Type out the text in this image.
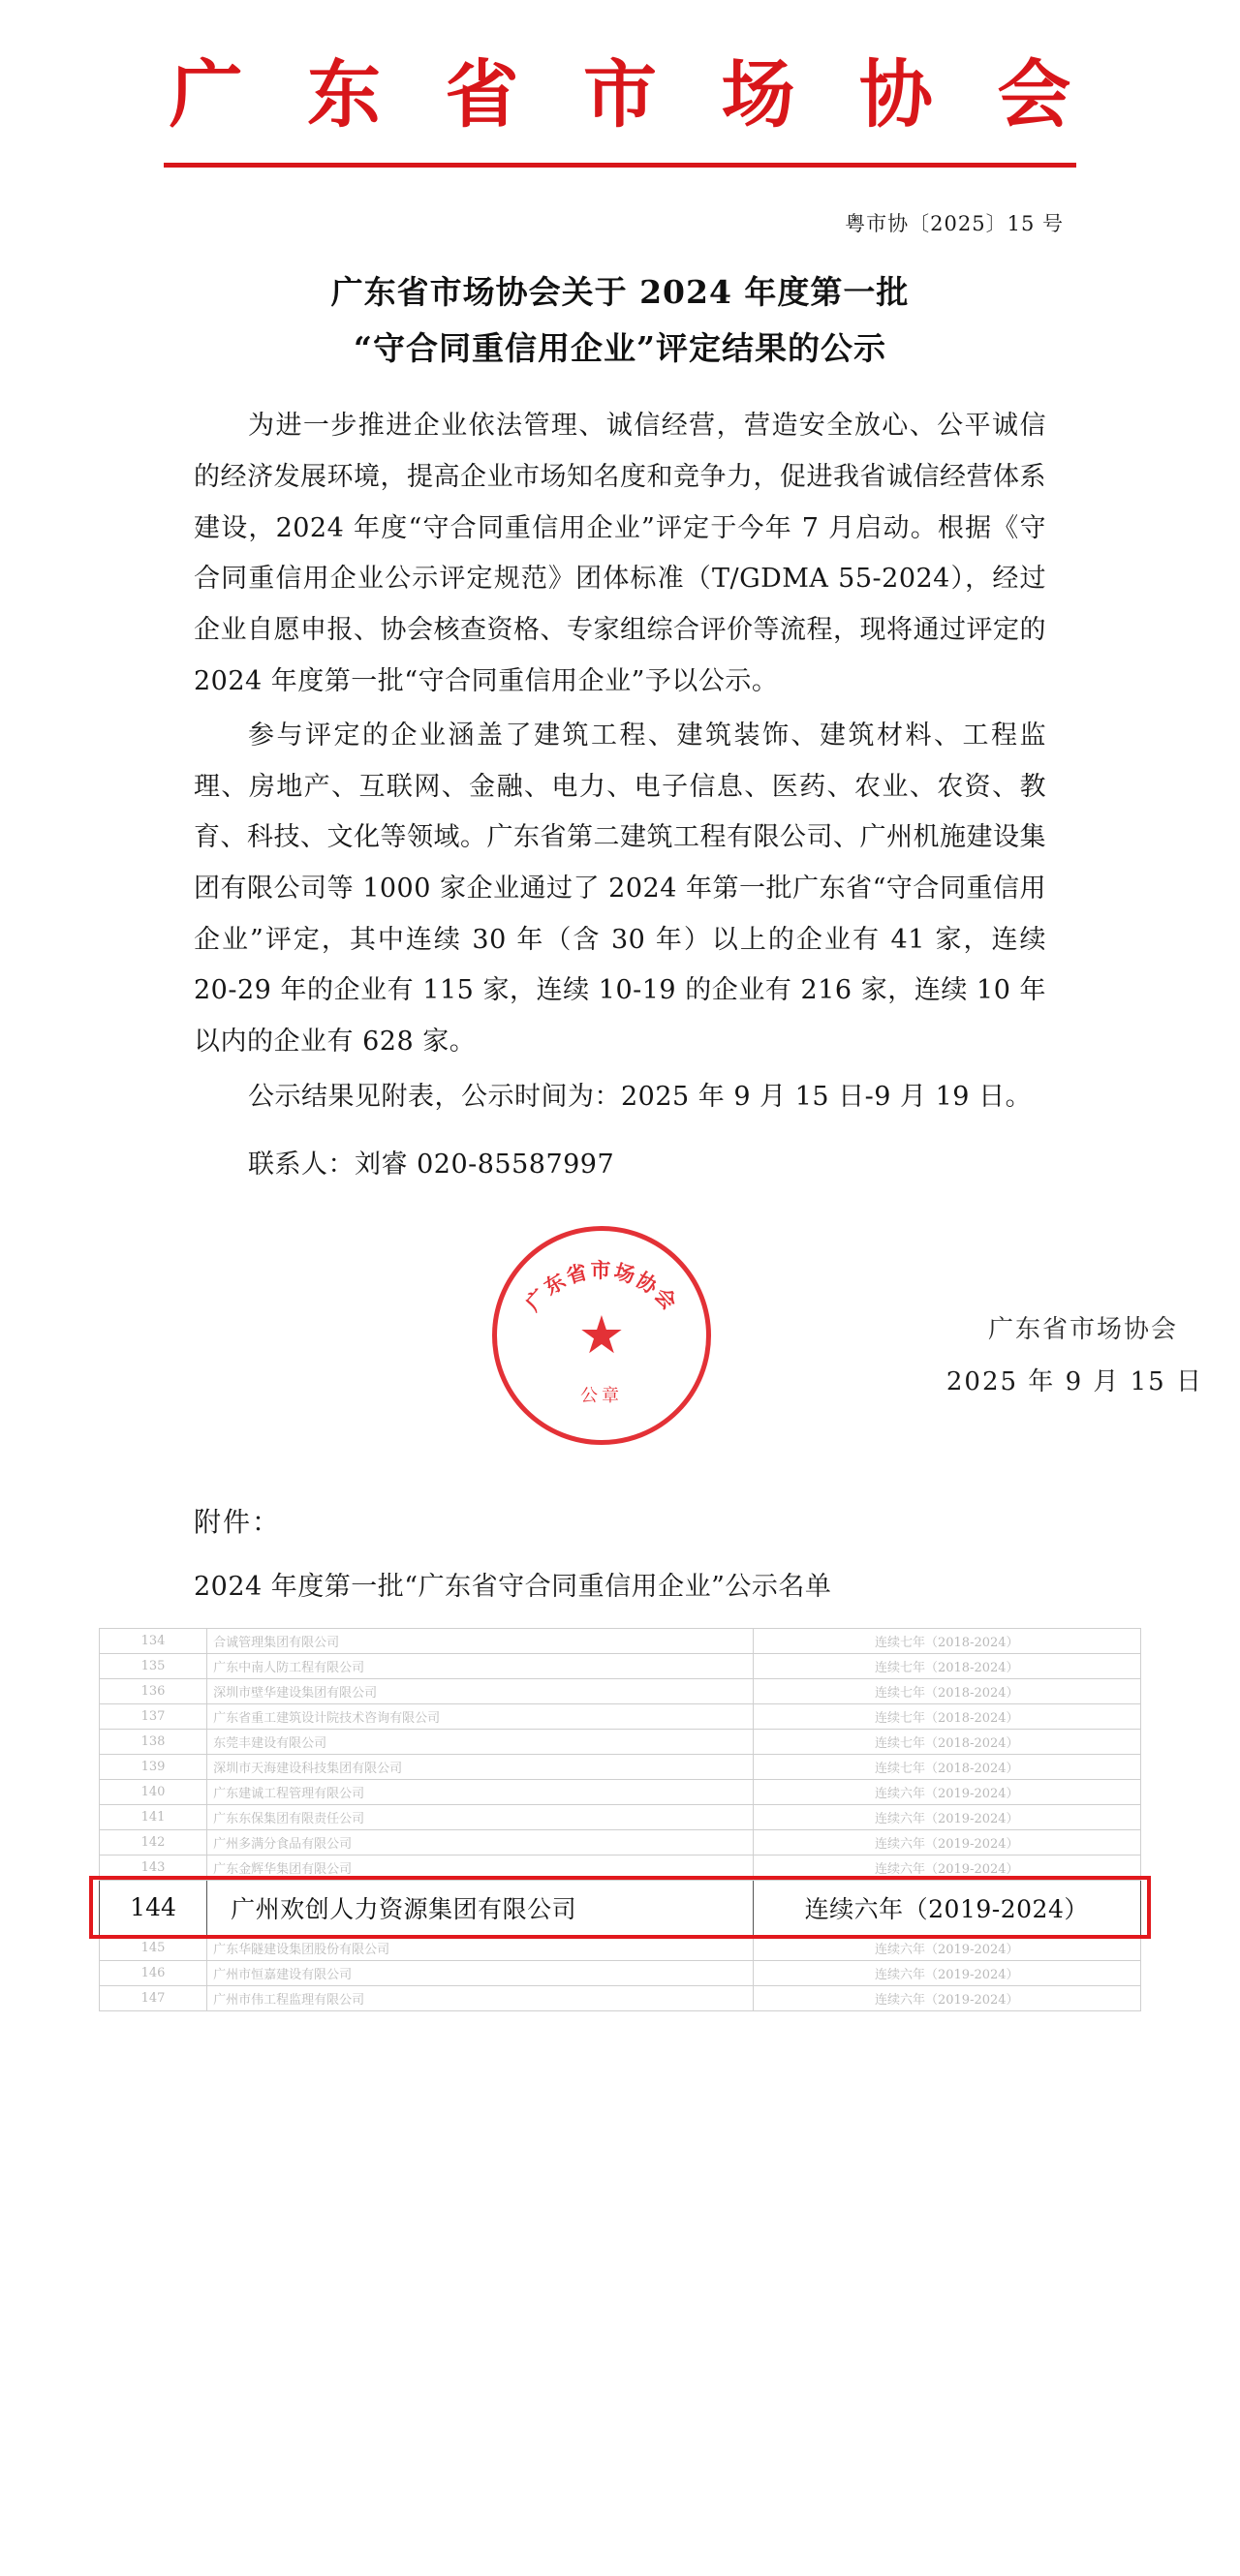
广 东 省 市 场 协 会
粤市协〔2025〕15 号
广东省市场协会关于 2024 年度第一批
“守合同重信用企业”评定结果的公示

为进一步推进企业依法管理、诚信经营，营造安全放心、公平诚信的经济发展环境，提高企业市场知名度和竞争力，促进我省诚信经营体系建设，2024 年度“守合同重信用企业”评定于今年 7 月启动。根据《守合同重信用企业公示评定规范》团体标准（T/GDMA 55-2024），经过企业自愿申报、协会核查资格、专家组综合评价等流程，现将通过评定的 2024 年度第一批“守合同重信用企业”予以公示。

参与评定的企业涵盖了建筑工程、建筑装饰、建筑材料、工程监理、房地产、互联网、金融、电力、电子信息、医药、农业、农资、教育、科技、文化等领域。广东省第二建筑工程有限公司、广州机施建设集团有限公司等 1000 家企业通过了 2024 年第一批广东省“守合同重信用企业”评定，其中连续 30 年（含 30 年）以上的企业有 41 家，连续 20-29 年的企业有 115 家，连续 10-19 的企业有 216 家，连续 10 年以内的企业有 628 家。

公示结果见附表，公示时间为：2025 年 9 月 15 日-9 月 19 日。

联系人：刘睿 020-85587997

广东省市场协会
2025 年 9 月 15 日
广东省市场协会
★
公章
附件：
2024 年度第一批“广东省守合同重信用企业”公示名单
134	合诚管理集团有限公司	连续七年（2018-2024）
135	广东中南人防工程有限公司	连续七年（2018-2024）
136	深圳市壁华建设集团有限公司	连续七年（2018-2024）
137	广东省重工建筑设计院技术咨询有限公司	连续七年（2018-2024）
138	东莞丰建设有限公司	连续七年（2018-2024）
139	深圳市天海建设科技集团有限公司	连续七年（2018-2024）
140	广东建诚工程管理有限公司	连续六年（2019-2024）
141	广东东保集团有限责任公司	连续六年（2019-2024）
142	广州多满分食品有限公司	连续六年（2019-2024）
143	广东金辉华集团有限公司	连续六年（2019-2024）
144	广州欢创人力资源集团有限公司	连续六年（2019-2024）
145	广东华隧建设集团股份有限公司	连续六年（2019-2024）
146	广州市恒嘉建设有限公司	连续六年（2019-2024）
147	广州市伟工程监理有限公司	连续六年（2019-2024）
